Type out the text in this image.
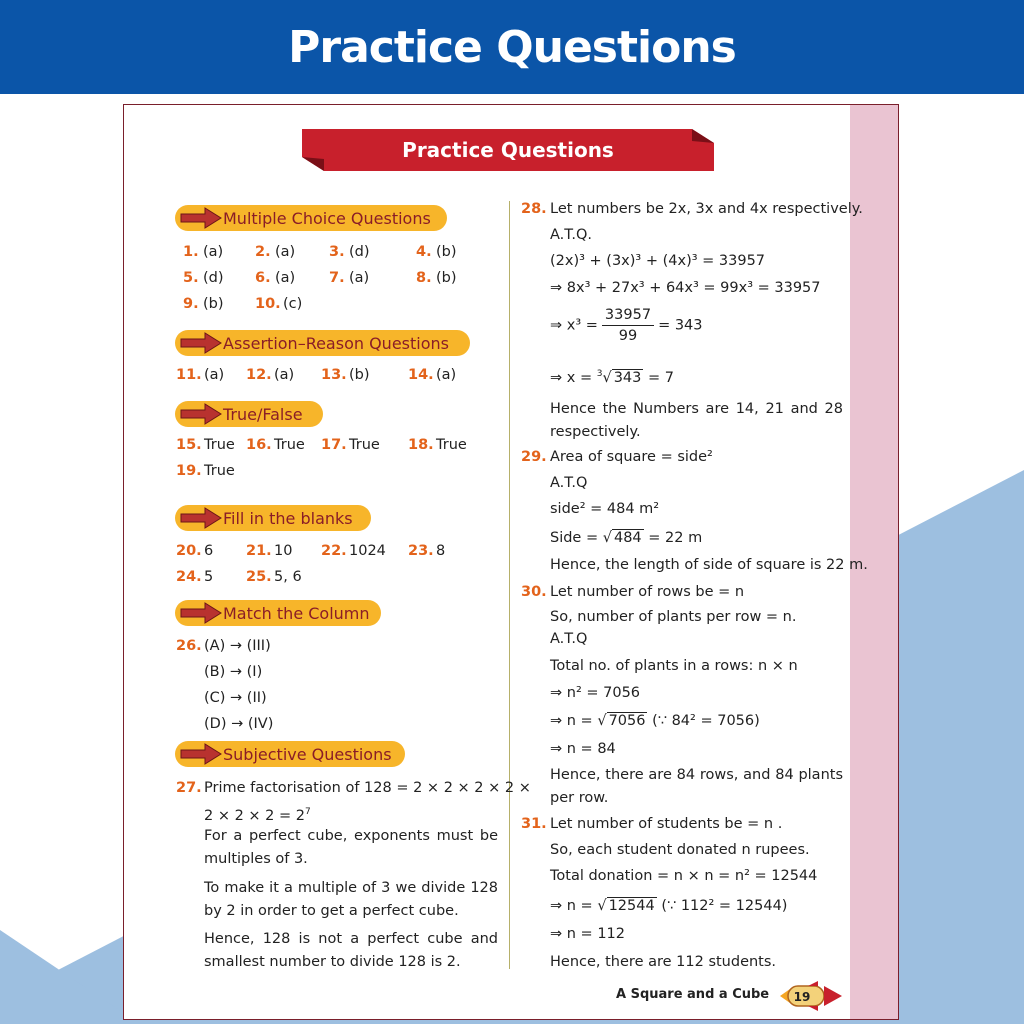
Practice Questions
Practice Questions
Multiple Choice Questions
1. (a) 2. (a) 3. (d)	4. (b)
5. (d) 6. (a) 7. (a)	8. (b)
9. (b) 10. (c)
Assertion–Reason Questions
11. (a) 12. (a) 13. (b)	14. (a)
True/False
15. True 16. True 17. True 18. True
19. True
Fill in the blanks
20. 6 21. 10 22. 1024 23. 8
24. 5 25. 5, 6
Match the Column
26. (A) → (III)
(B) → (I)
(C) → (II)
(D) → (IV)
Subjective Questions
27. Prime factorisation of 128 = 2 × 2 × 2 × 2 ×
$2 \times 2 \times 2 = 2^7$
For a perfect cube, exponents must be multiples of 3.
To make it a multiple of 3 we divide 128 by 2 in order to get a perfect cube.
Hence, 128 is not a perfect cube and smallest number to divide 128 is 2.
28. Let numbers be 2x, 3x and 4x respectively.
A.T.Q.
(2x)³ + (3x)³ + (4x)³ = 33957
⇒ 8x³ + 27x³ + 64x³ = 99x³ = 33957
⇒ $x^3 = \frac{33957}{99} = 343$
⇒ x = $^3$√ 343 = 7
Hence the Numbers are 14, 21 and 28 respectively.
29. Area of square = side²
A.T.Q
side² = 484 m²
Side = √ 484 = 22 m
Hence, the length of side of square is 22 m.
30. Let number of rows be = n
So, number of plants per row = n.
A.T.Q
Total no. of plants in a rows: n × n
⇒ n² = 7056
⇒ n = √ 7056 (∵ 84² = 7056)
⇒ n = 84
Hence, there are 84 rows, and 84 plants per row.
31. Let number of students be = n .
So, each student donated n rupees.
Total donation = n × n = n² = 12544
⇒ n = √ 12544 (∵ 112² = 12544)
⇒ n = 112
Hence, there are 112 students.
A Square and a Cube 19
